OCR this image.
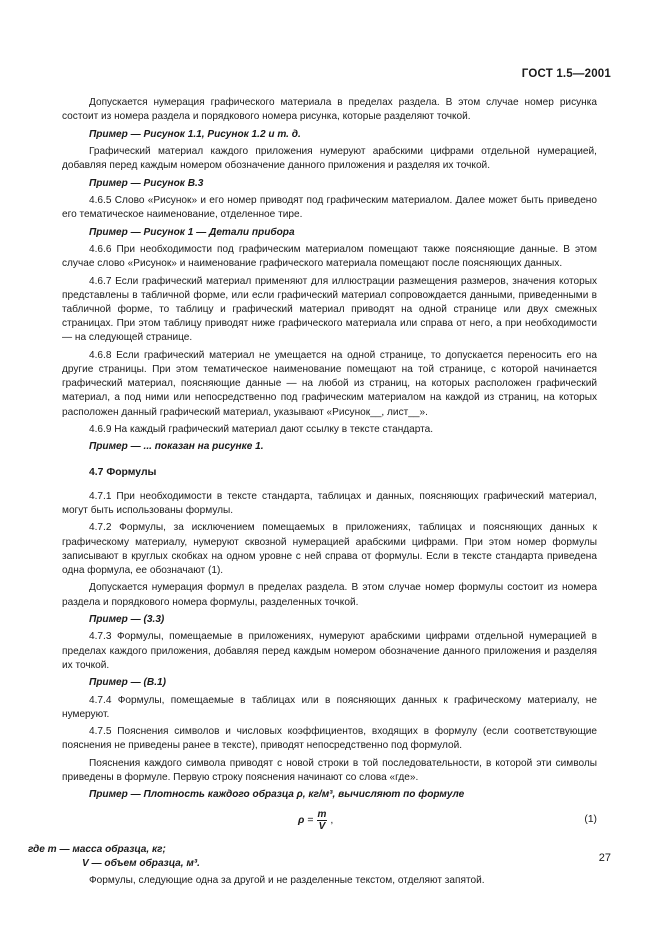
ГОСТ 1.5—2001

Допускается нумерация графического материала в пределах раздела. В этом случае номер рисунка состоит из номера раздела и порядкового номера рисунка, которые разделяют точкой.

Пример — Рисунок 1.1, Рисунок 1.2 и т. д.

Графический материал каждого приложения нумеруют арабскими цифрами отдельной нумерацией, добавляя перед каждым номером обозначение данного приложения и разделяя их точкой.

Пример — Рисунок В.3

4.6.5 Слово «Рисунок» и его номер приводят под графическим материалом. Далее может быть приведено его тематическое наименование, отделенное тире.

Пример — Рисунок 1 — Детали прибора

4.6.6 При необходимости под графическим материалом помещают также поясняющие данные. В этом случае слово «Рисунок» и наименование графического материала помещают после поясняющих данных.

4.6.7 Если графический материал применяют для иллюстрации размещения размеров, значения которых представлены в табличной форме, или если графический материал сопровождается данными, приведенными в табличной форме, то таблицу и графический материал приводят на одной странице или двух смежных страницах. При этом таблицу приводят ниже графического материала или справа от него, а при необходимости — на следующей странице.

4.6.8 Если графический материал не умещается на одной странице, то допускается переносить его на другие страницы. При этом тематическое наименование помещают на той странице, с которой начинается графический материал, поясняющие данные — на любой из страниц, на которых расположен графический материал, а под ними или непосредственно под графическим материалом на каждой из страниц, на которых расположен данный графический материал, указывают «Рисунок__, лист__».

4.6.9 На каждый графический материал дают ссылку в тексте стандарта.

Пример — ... показан на рисунке 1.

4.7 Формулы

4.7.1 При необходимости в тексте стандарта, таблицах и данных, поясняющих графический материал, могут быть использованы формулы.

4.7.2 Формулы, за исключением помещаемых в приложениях, таблицах и поясняющих данных к графическому материалу, нумеруют сквозной нумерацией арабскими цифрами. При этом номер формулы записывают в круглых скобках на одном уровне с ней справа от формулы. Если в тексте стандарта приведена одна формула, ее обозначают (1).

Допускается нумерация формул в пределах раздела. В этом случае номер формулы состоит из номера раздела и порядкового номера формулы, разделенных точкой.

Пример — (3.3)

4.7.3 Формулы, помещаемые в приложениях, нумеруют арабскими цифрами отдельной нумерацией в пределах каждого приложения, добавляя перед каждым номером обозначение данного приложения и разделяя их точкой.

Пример — (В.1)

4.7.4 Формулы, помещаемые в таблицах или в поясняющих данных к графическому материалу, не нумеруют.

4.7.5 Пояснения символов и числовых коэффициентов, входящих в формулу (если соответствующие пояснения не приведены ранее в тексте), приводят непосредственно под формулой.

Пояснения каждого символа приводят с новой строки в той последовательности, в которой эти символы приведены в формуле. Первую строку пояснения начинают со слова «где».

Пример — Плотность каждого образца ρ, кг/м³, вычисляют по формуле

$\rho = \frac{m}{V}$ ,	(1)

где m — масса образца, кг;

V — объем образца, м³.

Формулы, следующие одна за другой и не разделенные текстом, отделяют запятой.

27
